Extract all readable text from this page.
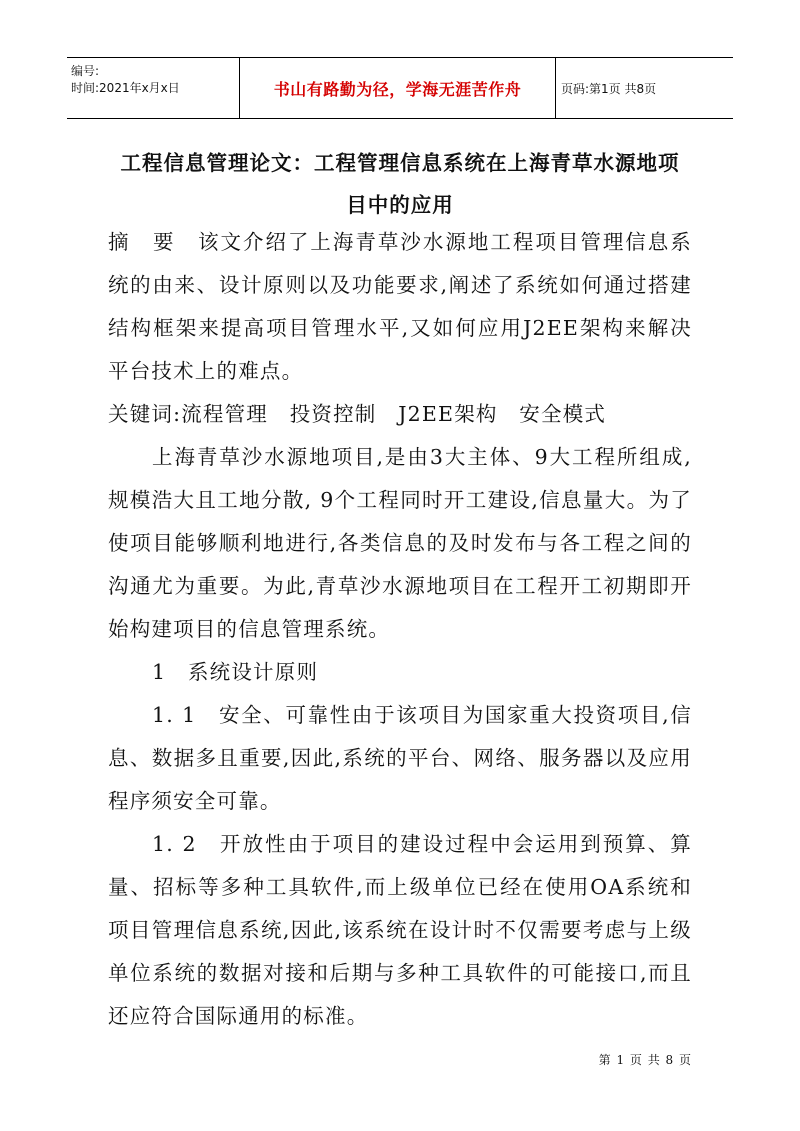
编号:
时间:2021年x月x日	书山有路勤为径，学海无涯苦作舟	页码:第1页 共8页
工程信息管理论文：工程管理信息系统在上海青草水源地项
目中的应用

摘　要　该文介绍了上海青草沙水源地工程项目管理信息系统的由来、设计原则以及功能要求,阐述了系统如何通过搭建结构框架来提高项目管理水平,又如何应用J2EE架构来解决平台技术上的难点。

关键词:流程管理　投资控制　J2EE架构　安全模式

上海青草沙水源地项目,是由3大主体、9大工程所组成,规模浩大且工地分散, 9个工程同时开工建设,信息量大。为了使项目能够顺利地进行,各类信息的及时发布与各工程之间的沟通尤为重要。为此,青草沙水源地项目在工程开工初期即开始构建项目的信息管理系统。

1　系统设计原则

1. 1　安全、可靠性由于该项目为国家重大投资项目,信息、数据多且重要,因此,系统的平台、网络、服务器以及应用程序须安全可靠。

1. 2　开放性由于项目的建设过程中会运用到预算、算量、招标等多种工具软件,而上级单位已经在使用OA系统和项目管理信息系统,因此,该系统在设计时不仅需要考虑与上级单位系统的数据对接和后期与多种工具软件的可能接口,而且还应符合国际通用的标准。

第 1 页 共 8 页
